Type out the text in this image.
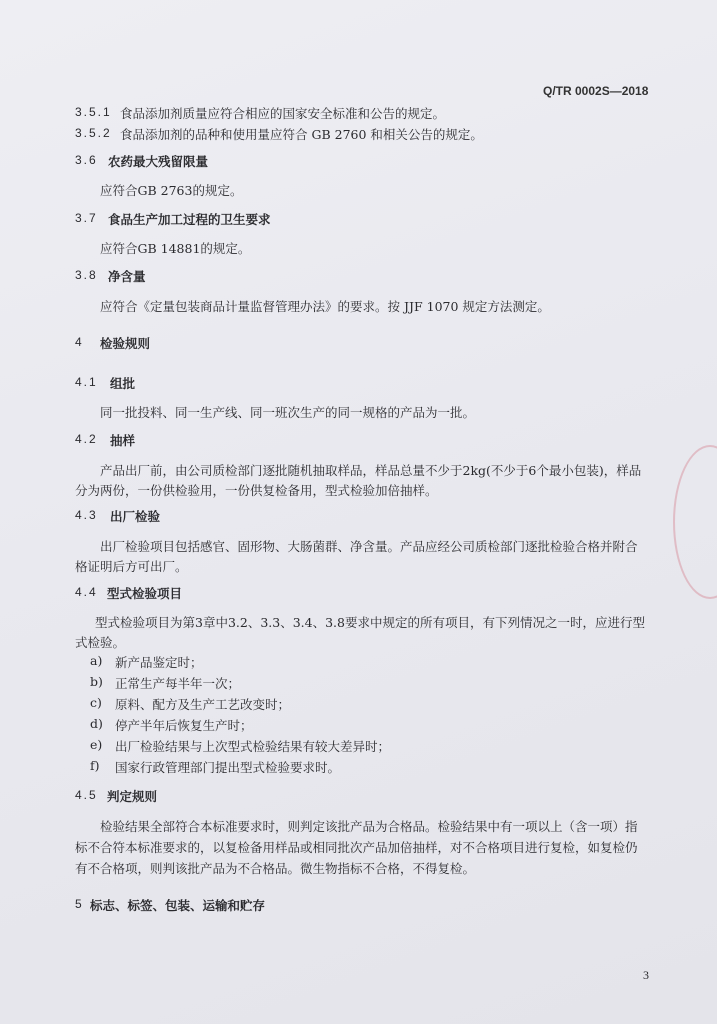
Q/TR 0002S—2018
3.5.1 食品添加剂质量应符合相应的国家安全标准和公告的规定。
3.5.2 食品添加剂的品种和使用量应符合 GB 2760 和相关公告的规定。
3.6 农药最大残留限量
应符合GB 2763的规定。
3.7 食品生产加工过程的卫生要求
应符合GB 14881的规定。
3.8 净含量
应符合《定量包装商品计量监督管理办法》的要求。按 JJF 1070 规定方法测定。
4 检验规则
4.1 组批
同一批投料、同一生产线、同一班次生产的同一规格的产品为一批。
4.2 抽样
产品出厂前，由公司质检部门逐批随机抽取样品，样品总量不少于2kg(不少于6个最小包装)，样品
分为两份，一份供检验用，一份供复检备用，型式检验加倍抽样。
4.3 出厂检验
出厂检验项目包括感官、固形物、大肠菌群、净含量。产品应经公司质检部门逐批检验合格并附合
格证明后方可出厂。
4.4 型式检验项目
型式检验项目为第3章中3.2、3.3、3.4、3.8要求中规定的所有项目，有下列情况之一时，应进行型
式检验。
a) 新产品鉴定时；
b) 正常生产每半年一次；
c) 原料、配方及生产工艺改变时；
d) 停产半年后恢复生产时；
e) 出厂检验结果与上次型式检验结果有较大差异时；
f) 国家行政管理部门提出型式检验要求时。
4.5 判定规则
检验结果全部符合本标准要求时，则判定该批产品为合格品。检验结果中有一项以上（含一项）指
标不合符本标准要求的，以复检备用样品或相同批次产品加倍抽样，对不合格项目进行复检，如复检仍
有不合格项，则判该批产品为不合格品。微生物指标不合格，不得复检。
5 标志、标签、包装、运输和贮存
3
